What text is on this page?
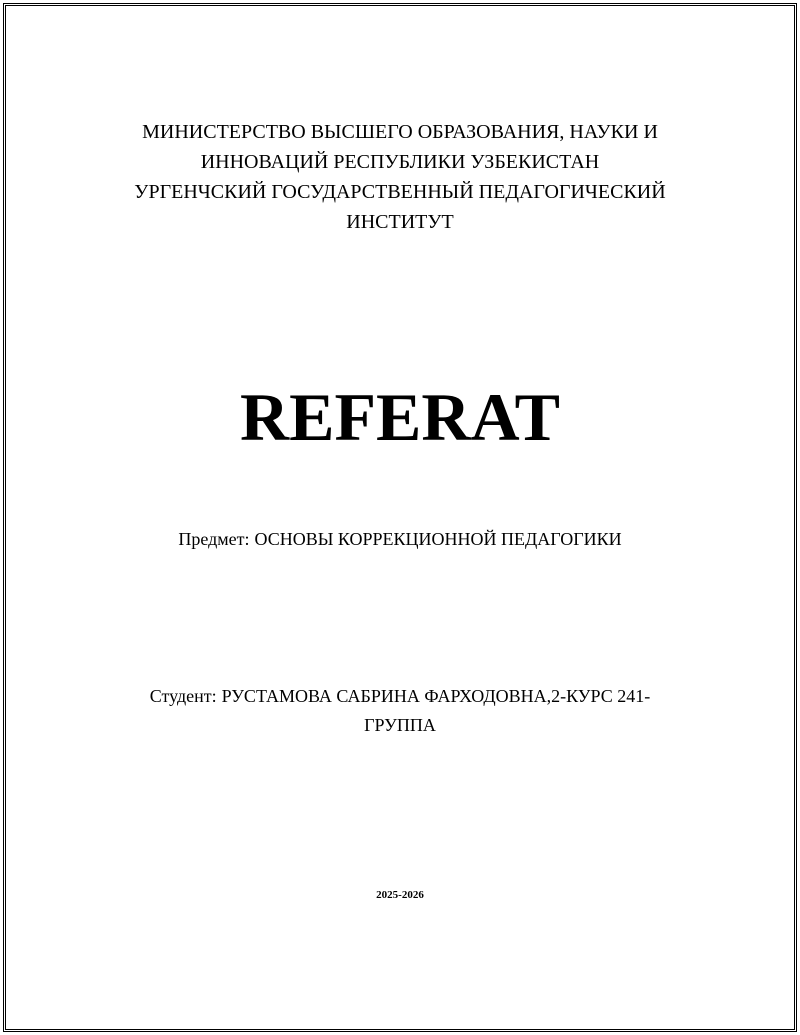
МИНИСТЕРСТВО ВЫСШЕГО ОБРАЗОВАНИЯ, НАУКИ И
ИННОВАЦИЙ РЕСПУБЛИКИ УЗБЕКИСТАН
УРГЕНЧСКИЙ ГОСУДАРСТВЕННЫЙ ПЕДАГОГИЧЕСКИЙ
ИНСТИТУТ
REFERAT
Предмет: ОСНОВЫ КОРРЕКЦИОННОЙ ПЕДАГОГИКИ
Студент: РУСТАМОВА САБРИНА ФАРХОДОВНА,2-КУРС 241-
ГРУППА
2025-2026
